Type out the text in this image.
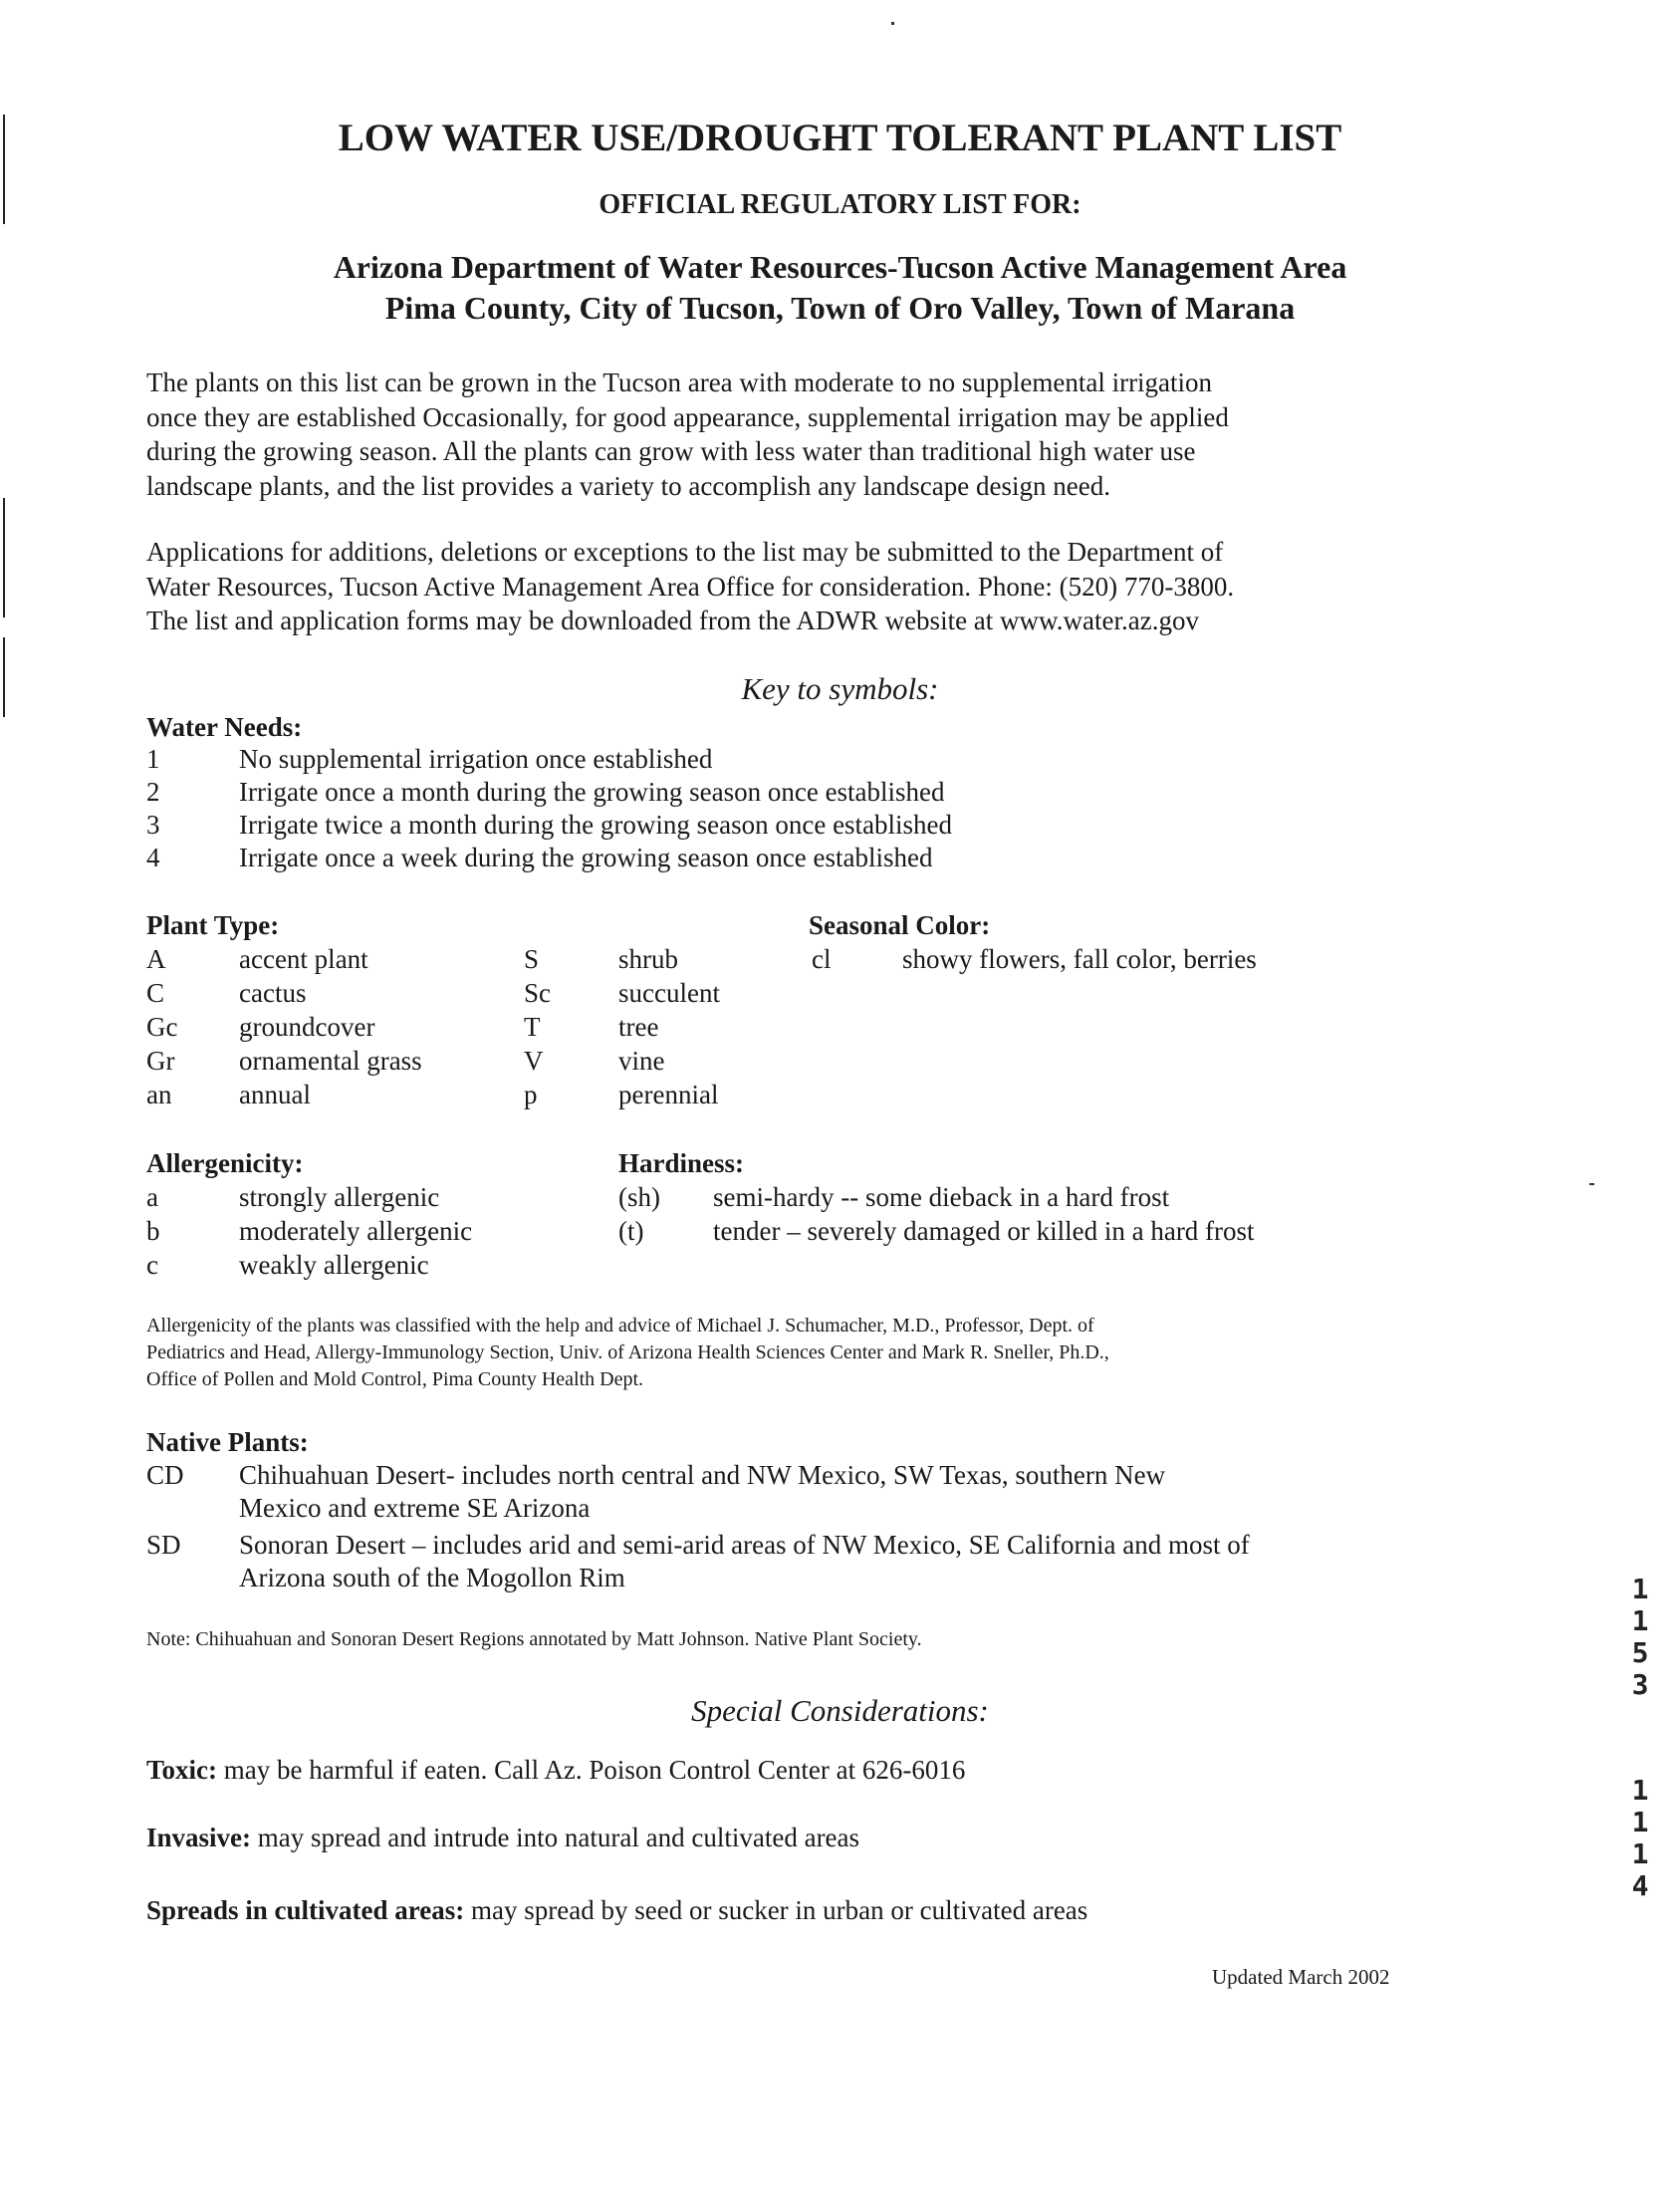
LOW WATER USE/DROUGHT TOLERANT PLANT LIST
OFFICIAL REGULATORY LIST FOR:
Arizona Department of Water Resources-Tucson Active Management Area
Pima County, City of Tucson, Town of Oro Valley, Town of Marana
The plants on this list can be grown in the Tucson area with moderate to no supplemental irrigation
once they are established Occasionally, for good appearance, supplemental irrigation may be applied
during the growing season. All the plants can grow with less water than traditional high water use
landscape plants, and the list provides a variety to accomplish any landscape design need.
Applications for additions, deletions or exceptions to the list may be submitted to the Department of
Water Resources, Tucson Active Management Area Office for consideration. Phone: (520) 770-3800.
The list and application forms may be downloaded from the ADWR website at www.water.az.gov
Key to symbols:
Water Needs:
1	No supplemental irrigation once established
2	Irrigate once a month during the growing season once established
3	Irrigate twice a month during the growing season once established
4	Irrigate once a week during the growing season once established
Plant Type:
A	accent plant
C	cactus
Gc groundcover
Gr ornamental grass
an	annual
S	shrub
Sc	succulent
T	tree
V	vine
p	perennial
Seasonal Color:
cl	showy flowers, fall color, berries
Allergenicity:
a	strongly allergenic
b	moderately allergenic
c	weakly allergenic
Hardiness:
(sh) semi-hardy -- some dieback in a hard frost
(t)	tender – severely damaged or killed in a hard frost
Allergenicity of the plants was classified with the help and advice of Michael J. Schumacher, M.D., Professor, Dept. of
Pediatrics and Head, Allergy-Immunology Section, Univ. of Arizona Health Sciences Center and Mark R. Sneller, Ph.D.,
Office of Pollen and Mold Control, Pima County Health Dept.
Native Plants:
CD Chihuahuan Desert- includes north central and NW Mexico, SW Texas, southern New
Mexico and extreme SE Arizona
SD Sonoran Desert – includes arid and semi-arid areas of NW Mexico, SE California and most of
Arizona south of the Mogollon Rim
Note: Chihuahuan and Sonoran Desert Regions annotated by Matt Johnson. Native Plant Society.
Special Considerations:
Toxic: may be harmful if eaten. Call Az. Poison Control Center at 626-6016
Invasive: may spread and intrude into natural and cultivated areas
Spreads in cultivated areas: may spread by seed or sucker in urban or cultivated areas
Updated March 2002
1
1
5
3
1
1
1
4
